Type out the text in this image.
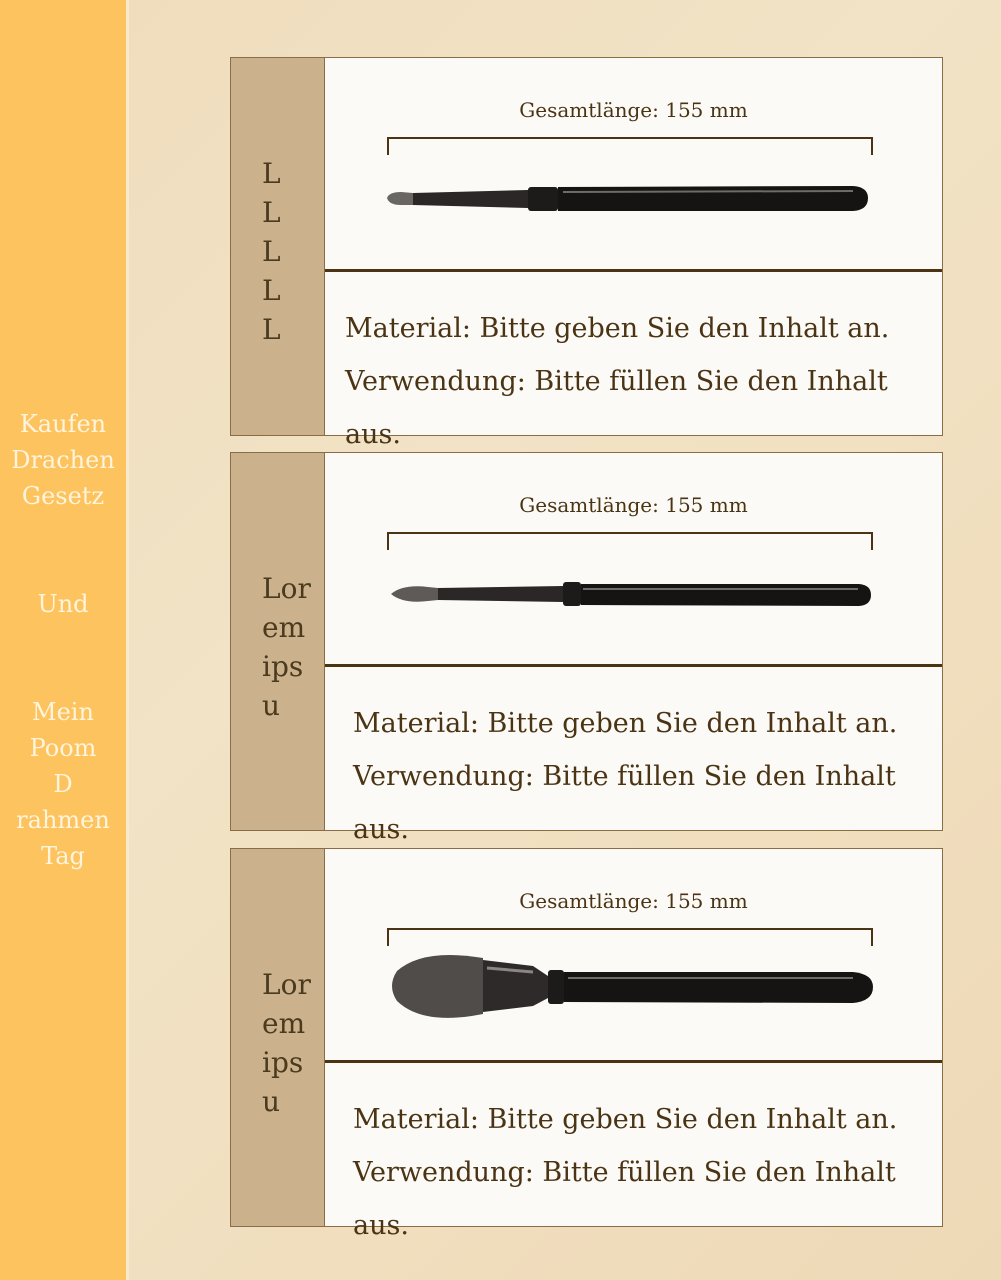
Kaufen
Drachen
Gesetz
Und
Mein
Poom
D
rahmen
Tag
LLLLL
Gesamtlänge: 155 mm
Material: Bitte geben Sie den Inhalt an.
Verwendung: Bitte füllen Sie den Inhalt aus.
Loremipsu
Gesamtlänge: 155 mm
Material: Bitte geben Sie den Inhalt an.
Verwendung: Bitte füllen Sie den Inhalt aus.
Loremipsu
Gesamtlänge: 155 mm
Material: Bitte geben Sie den Inhalt an.
Verwendung: Bitte füllen Sie den Inhalt aus.
